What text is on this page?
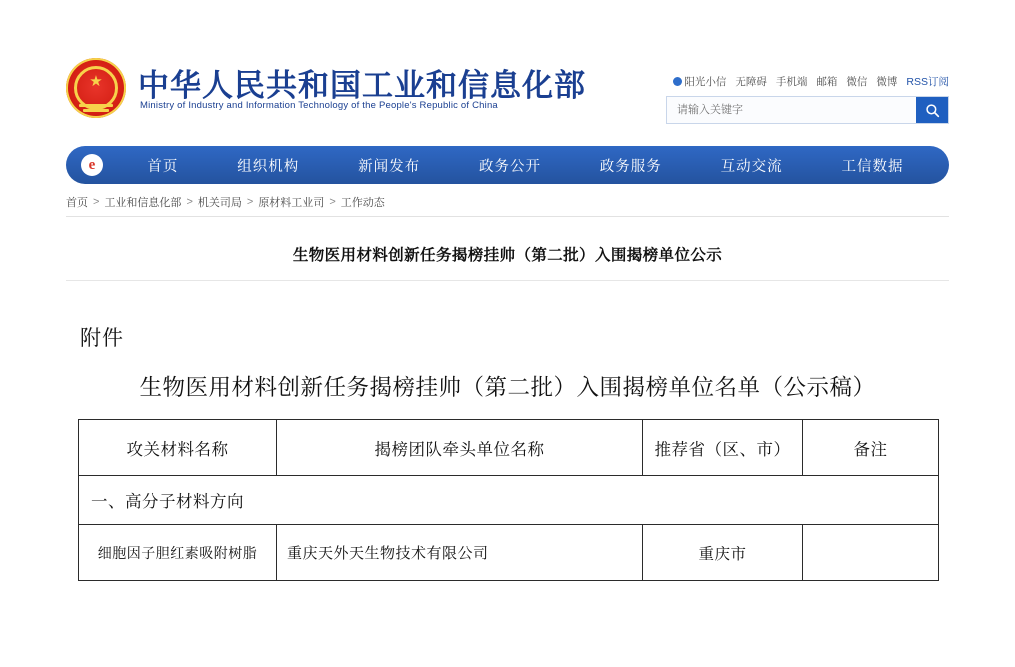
★ 中华人民共和国工业和信息化部
Ministry of Industry and Information Technology of the People's Republic of China
阳光小信 无障碍 手机端 邮箱 微信 微博 RSS订阅
请输入关键字
e	首页	组织机构	新闻发布	政务公开	政务服务	互动交流	工信数据
首页 > 工业和信息化部 > 机关司局 > 原材料工业司 > 工作动态
生物医用材料创新任务揭榜挂帅（第二批）入围揭榜单位公示
附件
生物医用材料创新任务揭榜挂帅（第二批）入围揭榜单位名单（公示稿）
攻关材料名称	揭榜团队牵头单位名称	推荐省（区、市）	备注
一、高分子材料方向			
细胞因子胆红素吸附树脂	重庆天外天生物技术有限公司	重庆市	
